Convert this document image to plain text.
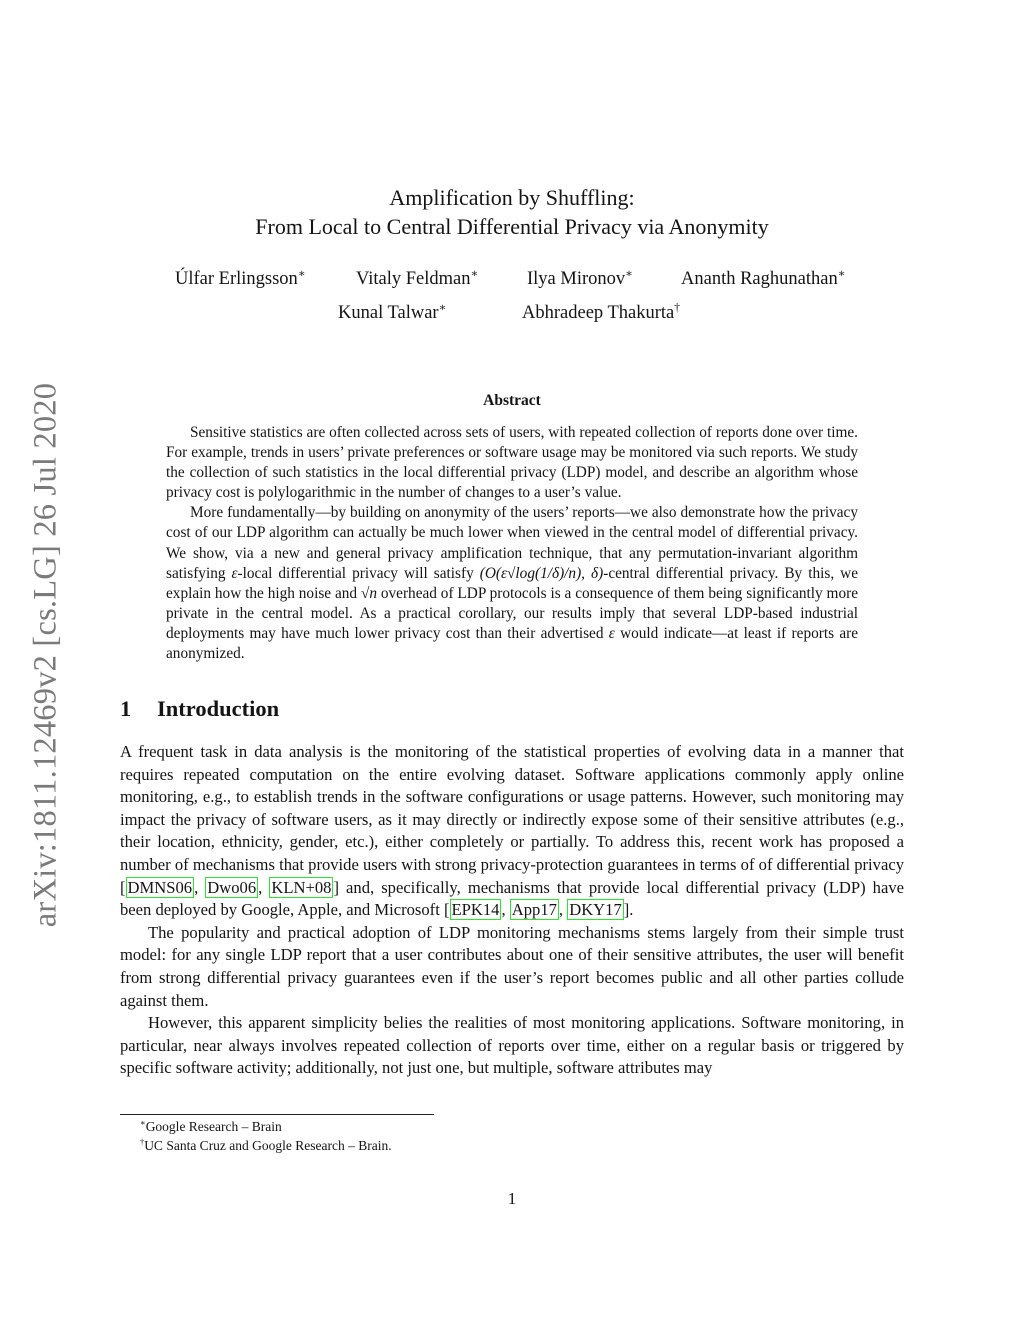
arXiv:1811.12469v2 [cs.LG] 26 Jul 2020
Amplification by Shuffling:
From Local to Central Differential Privacy via Anonymity
Úlfar Erlingsson∗	Vitaly Feldman∗	Ilya Mironov∗	Ananth Raghunathan∗
Kunal Talwar∗	Abhradeep Thakurta†
Abstract

Sensitive statistics are often collected across sets of users, with repeated collection of reports done over time. For example, trends in users’ private preferences or software usage may be monitored via such reports. We study the collection of such statistics in the local differential privacy (LDP) model, and describe an algorithm whose privacy cost is polylogarithmic in the number of changes to a user’s value.

More fundamentally—by building on anonymity of the users’ reports—we also demonstrate how the privacy cost of our LDP algorithm can actually be much lower when viewed in the central model of differential privacy. We show, via a new and general privacy amplification technique, that any permutation-invariant algorithm satisfying ε-local differential privacy will satisfy (O(ε√log(1/δ)/n), δ)-central differential privacy. By this, we explain how the high noise and √n overhead of LDP protocols is a consequence of them being significantly more private in the central model. As a practical corollary, our results imply that several LDP-based industrial deployments may have much lower privacy cost than their advertised ε would indicate—at least if reports are anonymized.

1 Introduction

A frequent task in data analysis is the monitoring of the statistical properties of evolving data in a manner that requires repeated computation on the entire evolving dataset. Software applications commonly apply online monitoring, e.g., to establish trends in the software configurations or usage patterns. However, such monitoring may impact the privacy of software users, as it may directly or indirectly expose some of their sensitive attributes (e.g., their location, ethnicity, gender, etc.), either completely or partially. To address this, recent work has proposed a number of mechanisms that provide users with strong privacy-protection guarantees in terms of of differential privacy [ DMNS06 , Dwo06 , KLN+08 ] and, specifically, mechanisms that provide local differential privacy (LDP) have been deployed by Google, Apple, and Microsoft [ EPK14 , App17 , DKY17 ].

The popularity and practical adoption of LDP monitoring mechanisms stems largely from their simple trust model: for any single LDP report that a user contributes about one of their sensitive attributes, the user will benefit from strong differential privacy guarantees even if the user’s report becomes public and all other parties collude against them.

However, this apparent simplicity belies the realities of most monitoring applications. Software monitoring, in particular, near always involves repeated collection of reports over time, either on a regular basis or triggered by specific software activity; additionally, not just one, but multiple, software attributes may

∗Google Research – Brain
†UC Santa Cruz and Google Research – Brain.
1
